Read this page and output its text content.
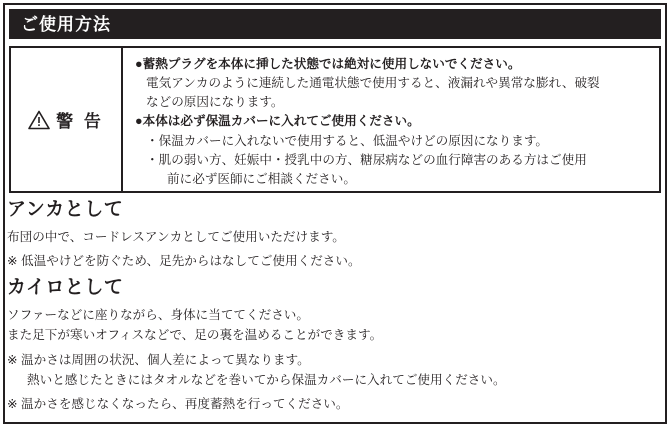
ご使用方法
警 告
●蓄熱プラグを本体に挿した状態では絶対に使用しないでください。
電気アンカのように連続した通電状態で使用すると、液漏れや異常な膨れ、破裂
などの原因になります。
●本体は必ず保温カバーに入れてご使用ください。
・保温カバーに入れないで使用すると、低温やけどの原因になります。
・肌の弱い方、妊娠中・授乳中の方、糖尿病などの血行障害のある方はご使用
前に必ず医師にご相談ください。
アンカとして
布団の中で、コードレスアンカとしてご使用いただけます。
※ 低温やけどを防ぐため、足先からはなしてご使用ください。
カイロとして
ソファーなどに座りながら、身体に当ててください。
また足下が寒いオフィスなどで、足の裏を温めることができます。
※ 温かさは周囲の状況、個人差によって異なります。
熱いと感じたときにはタオルなどを巻いてから保温カバーに入れてご使用ください。
※ 温かさを感じなくなったら、再度蓄熱を行ってください。
